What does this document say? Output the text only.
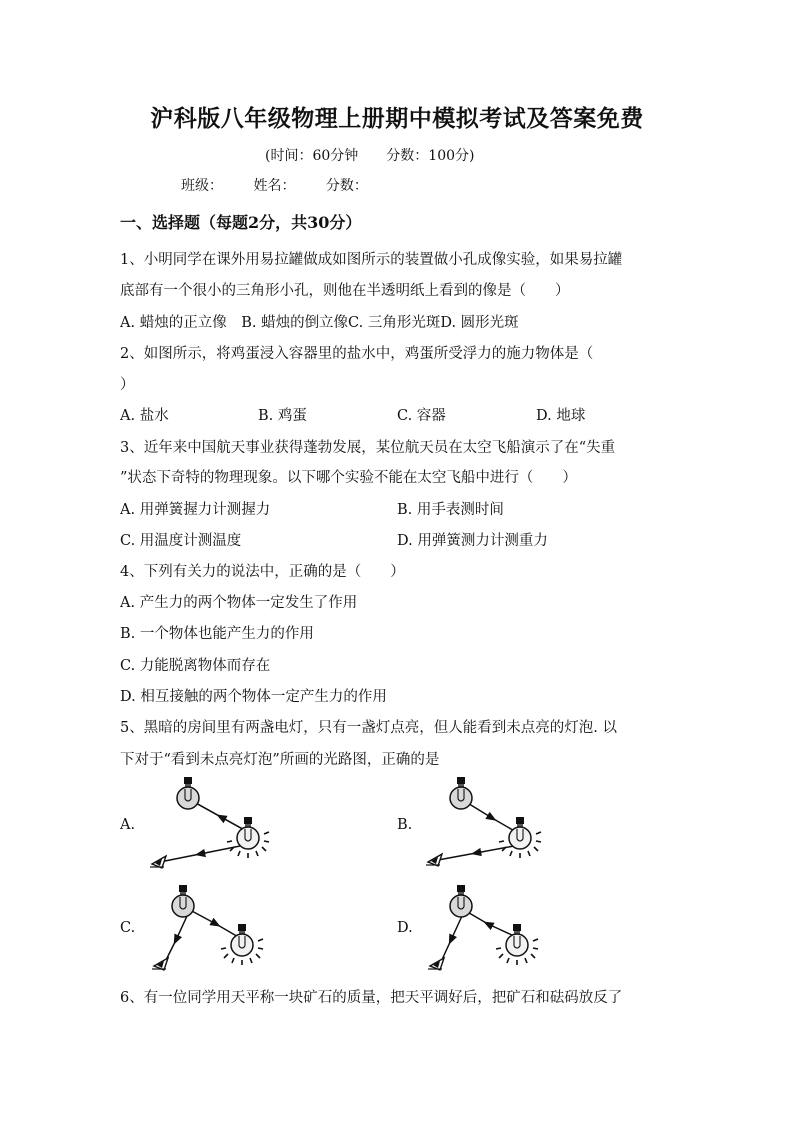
沪科版八年级物理上册期中模拟考试及答案免费
(时间：60分钟 分数：100分)
班级： 姓名： 分数：
一、选择题（每题2分，共30分）
1、小明同学在课外用易拉罐做成如图所示的装置做小孔成像实验，如果易拉罐
底部有一个很小的三角形小孔，则他在半透明纸上看到的像是（　　）
A. 蜡烛的正立像　B. 蜡烛的倒立像C. 三角形光斑D. 圆形光斑
2、如图所示，将鸡蛋浸入容器里的盐水中，鸡蛋所受浮力的施力物体是（
）
A. 盐水	B. 鸡蛋	C. 容器	D. 地球
3、近年来中国航天事业获得蓬勃发展，某位航天员在太空飞船演示了在“失重
”状态下奇特的物理现象。以下哪个实验不能在太空飞船中进行（　　）
A. 用弹簧握力计测握力	B. 用手表测时间
C. 用温度计测温度	D. 用弹簧测力计测重力
4、下列有关力的说法中，正确的是（　　）
A. 产生力的两个物体一定发生了作用
B. 一个物体也能产生力的作用
C. 力能脱离物体而存在
D. 相互接触的两个物体一定产生力的作用
5、黑暗的房间里有两盏电灯，只有一盏灯点亮，但人能看到未点亮的灯泡. 以
下对于“看到未点亮灯泡”所画的光路图，正确的是
A.	B.
C.	D.
6、有一位同学用天平称一块矿石的质量，把天平调好后，把矿石和砝码放反了
